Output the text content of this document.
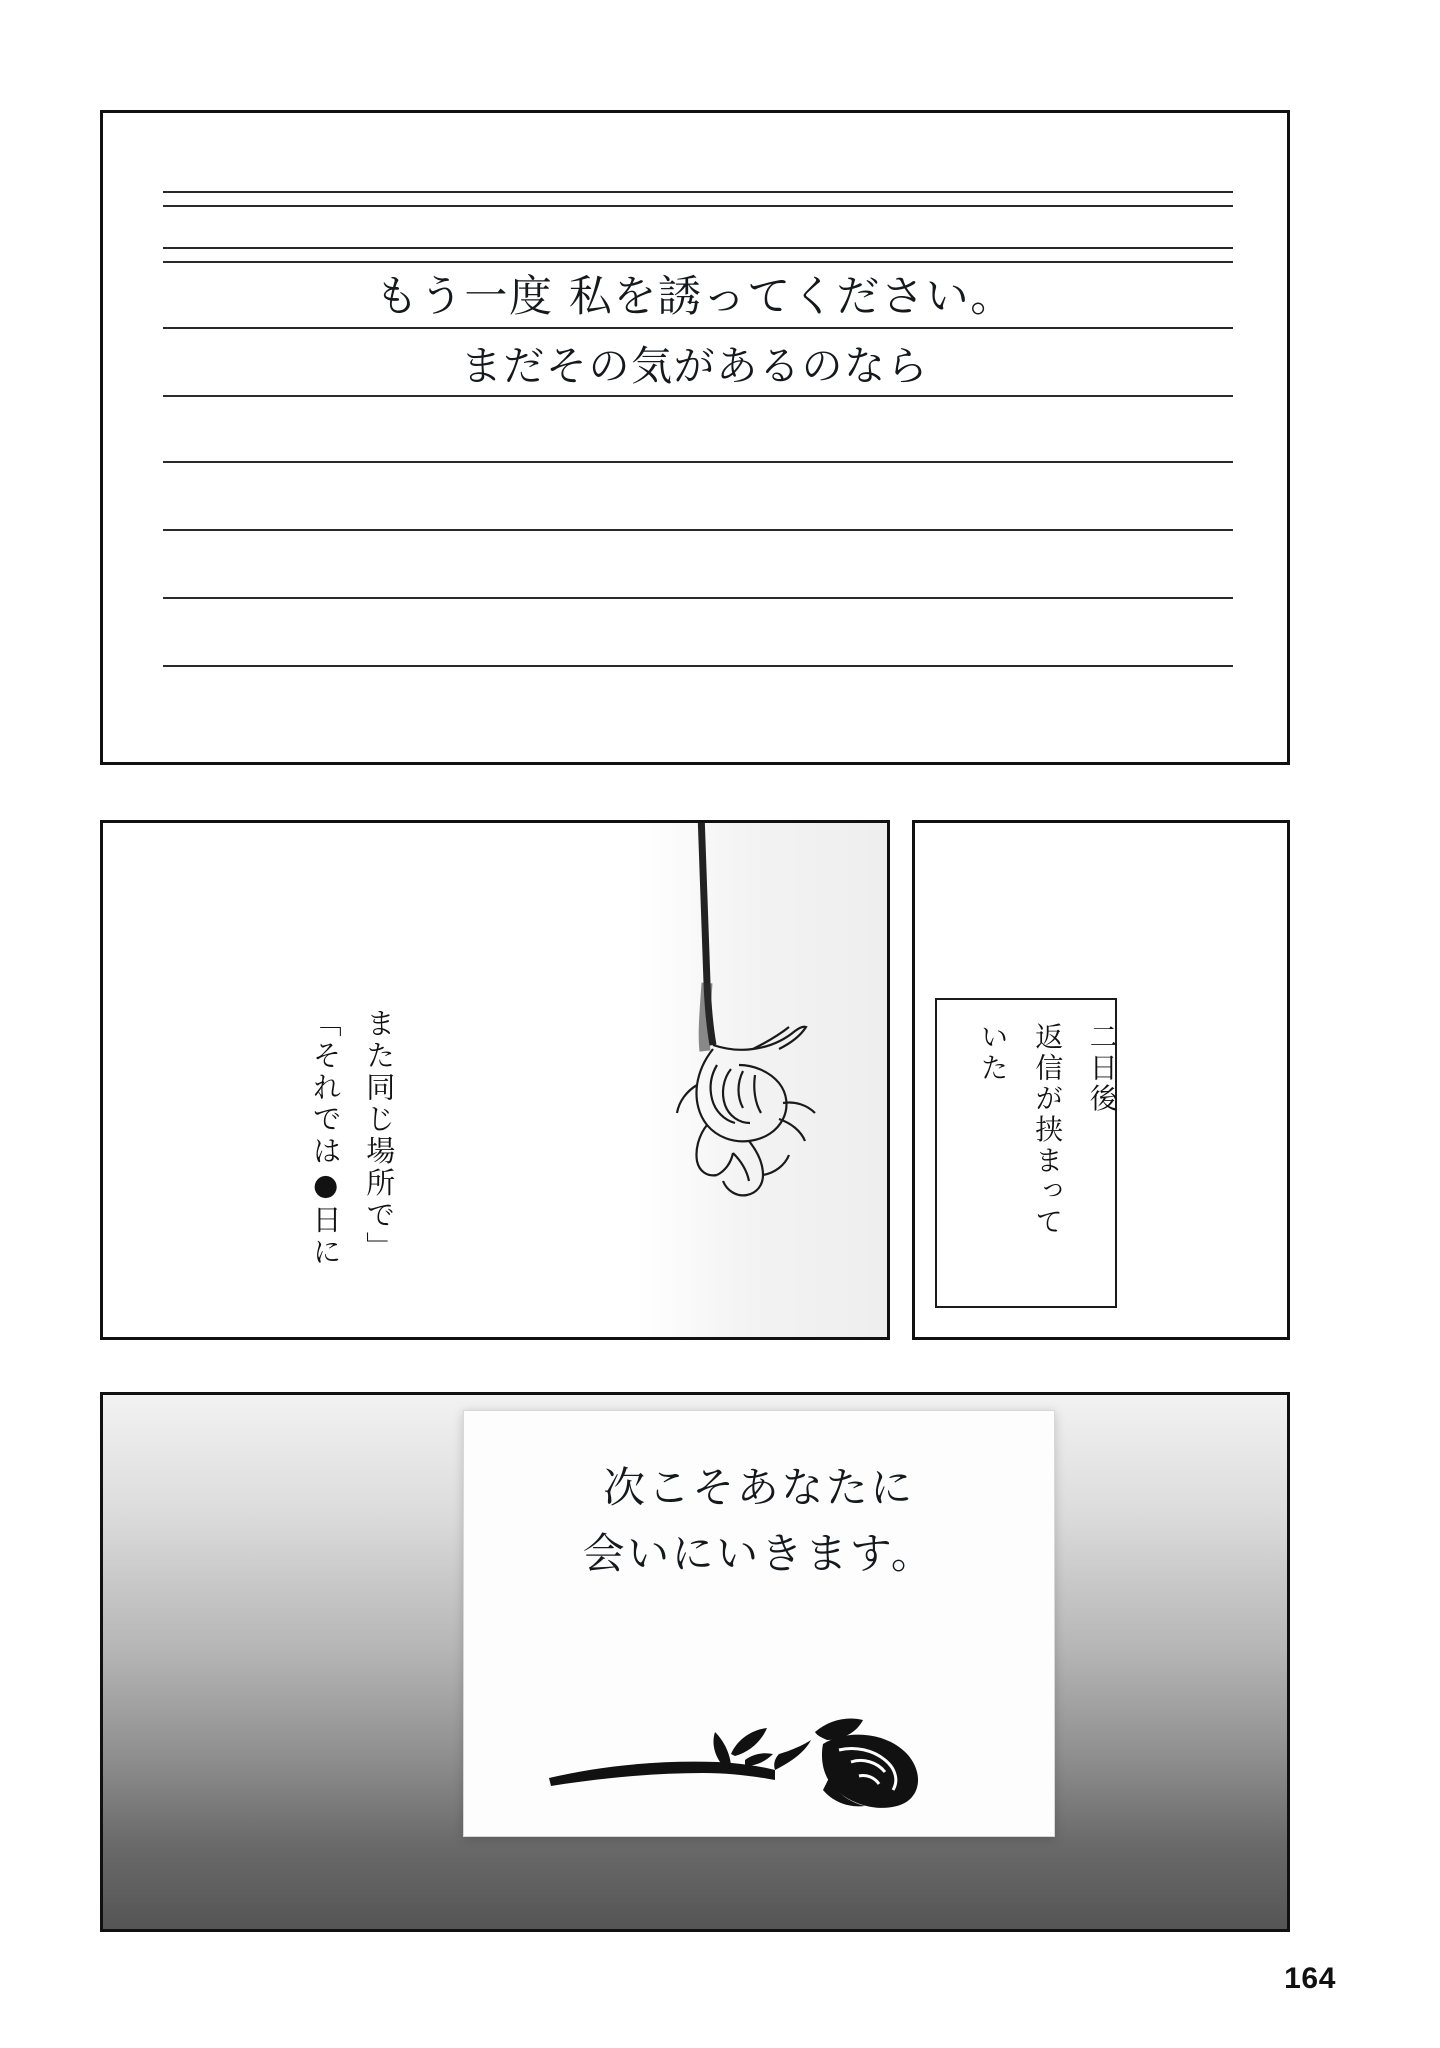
もう一度 私を誘ってください。
まだその気があるのなら
また同じ場所で」
「それでは●日に	二日後
返信が挟まって
いた
次こそあなたに
会いにいきます。
164
